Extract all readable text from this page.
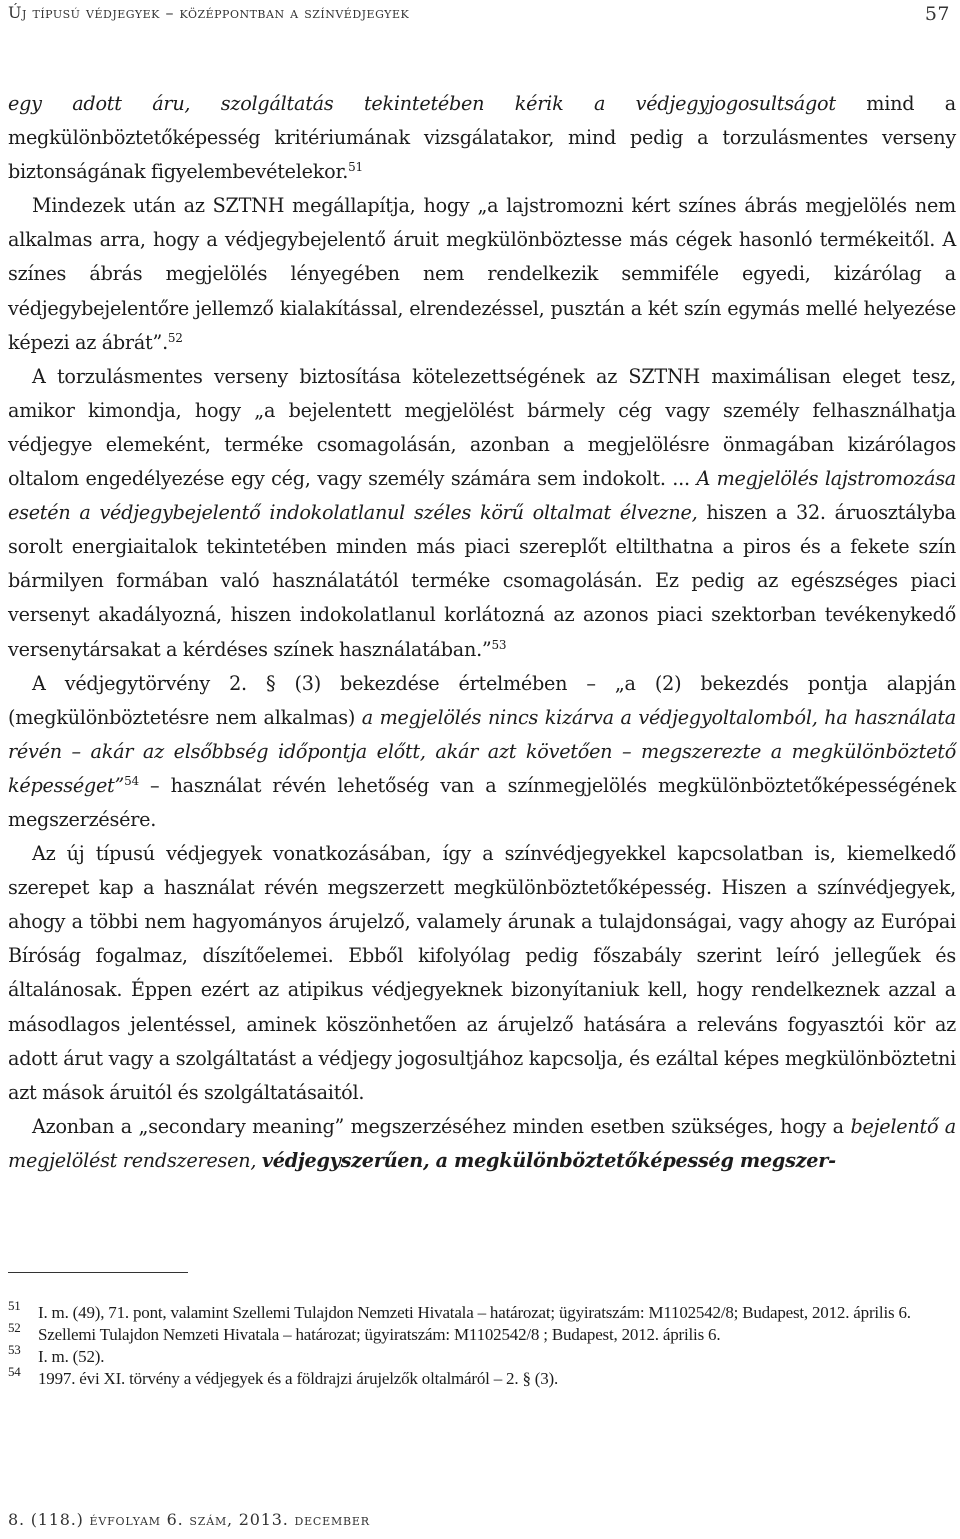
Új típusú védjegyek – középpontban a színvédjegyek	57

egy adott áru, szolgáltatás tekintetében kérik a védjegyjogosultságot mind a megkülönböztetőképesség kritériumának vizsgálatakor, mind pedig a torzulásmentes verseny biztonságának figyelembevételekor.$^{51}$

Mindezek után az SZTNH megállapítja, hogy „a lajstromozni kért színes ábrás megjelölés nem alkalmas arra, hogy a védjegybejelentő áruit megkülönböztesse más cégek hasonló termékeitől. A színes ábrás megjelölés lényegében nem rendelkezik semmiféle egyedi, kizárólag a védjegybejelentőre jellemző kialakítással, elrendezéssel, pusztán a két szín egymás mellé helyezése képezi az ábrát”.$^{52}$

A torzulásmentes verseny biztosítása kötelezettségének az SZTNH maximálisan eleget tesz, amikor kimondja, hogy „a bejelentett megjelölést bármely cég vagy személy felhasználhatja védjegye elemeként, terméke csomagolásán, azonban a megjelölésre önmagában kizárólagos oltalom engedélyezése egy cég, vagy személy számára sem indokolt. ... A megjelölés lajstromozása esetén a védjegybejelentő indokolatlanul széles körű oltalmat élvezne, hiszen a 32. áruosztályba sorolt energiaitalok tekintetében minden más piaci szereplőt eltilthatna a piros és a fekete szín bármilyen formában való használatától terméke csomagolásán. Ez pedig az egészséges piaci versenyt akadályozná, hiszen indokolatlanul korlátozná az azonos piaci szektorban tevékenykedő versenytársakat a kérdéses színek használatában.”$^{53}$

A védjegytörvény 2. § (3) bekezdése értelmében – „a (2) bekezdés pontja alapján (megkülönböztetésre nem alkalmas) a megjelölés nincs kizárva a védjegyoltalomból, ha használata révén – akár az elsőbbség időpontja előtt, akár azt követően – megszerezte a megkülönböztető képességet”$^{54}$ – használat révén lehetőség van a színmegjelölés megkülönböztetőképességének megszerzésére.

Az új típusú védjegyek vonatkozásában, így a színvédjegyekkel kapcsolatban is, kiemelkedő szerepet kap a használat révén megszerzett megkülönböztetőképesség. Hiszen a színvédjegyek, ahogy a többi nem hagyományos árujelző, valamely árunak a tulajdonságai, vagy ahogy az Európai Bíróság fogalmaz, díszítőelemei. Ebből kifolyólag pedig főszabály szerint leíró jellegűek és általánosak. Éppen ezért az atipikus védjegyeknek bizonyítaniuk kell, hogy rendelkeznek azzal a másodlagos jelentéssel, aminek köszönhetően az árujelző hatására a releváns fogyasztói kör az adott árut vagy a szolgáltatást a védjegy jogosultjához kapcsolja, és ezáltal képes megkülönböztetni azt mások áruitól és szolgáltatásaitól.

Azonban a „secondary meaning” megszerzéséhez minden esetben szükséges, hogy a bejelentő a megjelölést rendszeresen, védjegyszerűen, a megkülönböztetőképesség megszer-

51 I. m. (49), 71. pont, valamint Szellemi Tulajdon Nemzeti Hivatala – határozat; ügyiratszám: M1102542/8; Budapest, 2012. április 6.

52 Szellemi Tulajdon Nemzeti Hivatala – határozat; ügyiratszám: M1102542/8 ; Budapest, 2012. április 6.

53 I. m. (52).

54 1997. évi XI. törvény a védjegyek és a földrajzi árujelzők oltalmáról – 2. § (3).

8. (118.) évfolyam 6. szám, 2013. december
